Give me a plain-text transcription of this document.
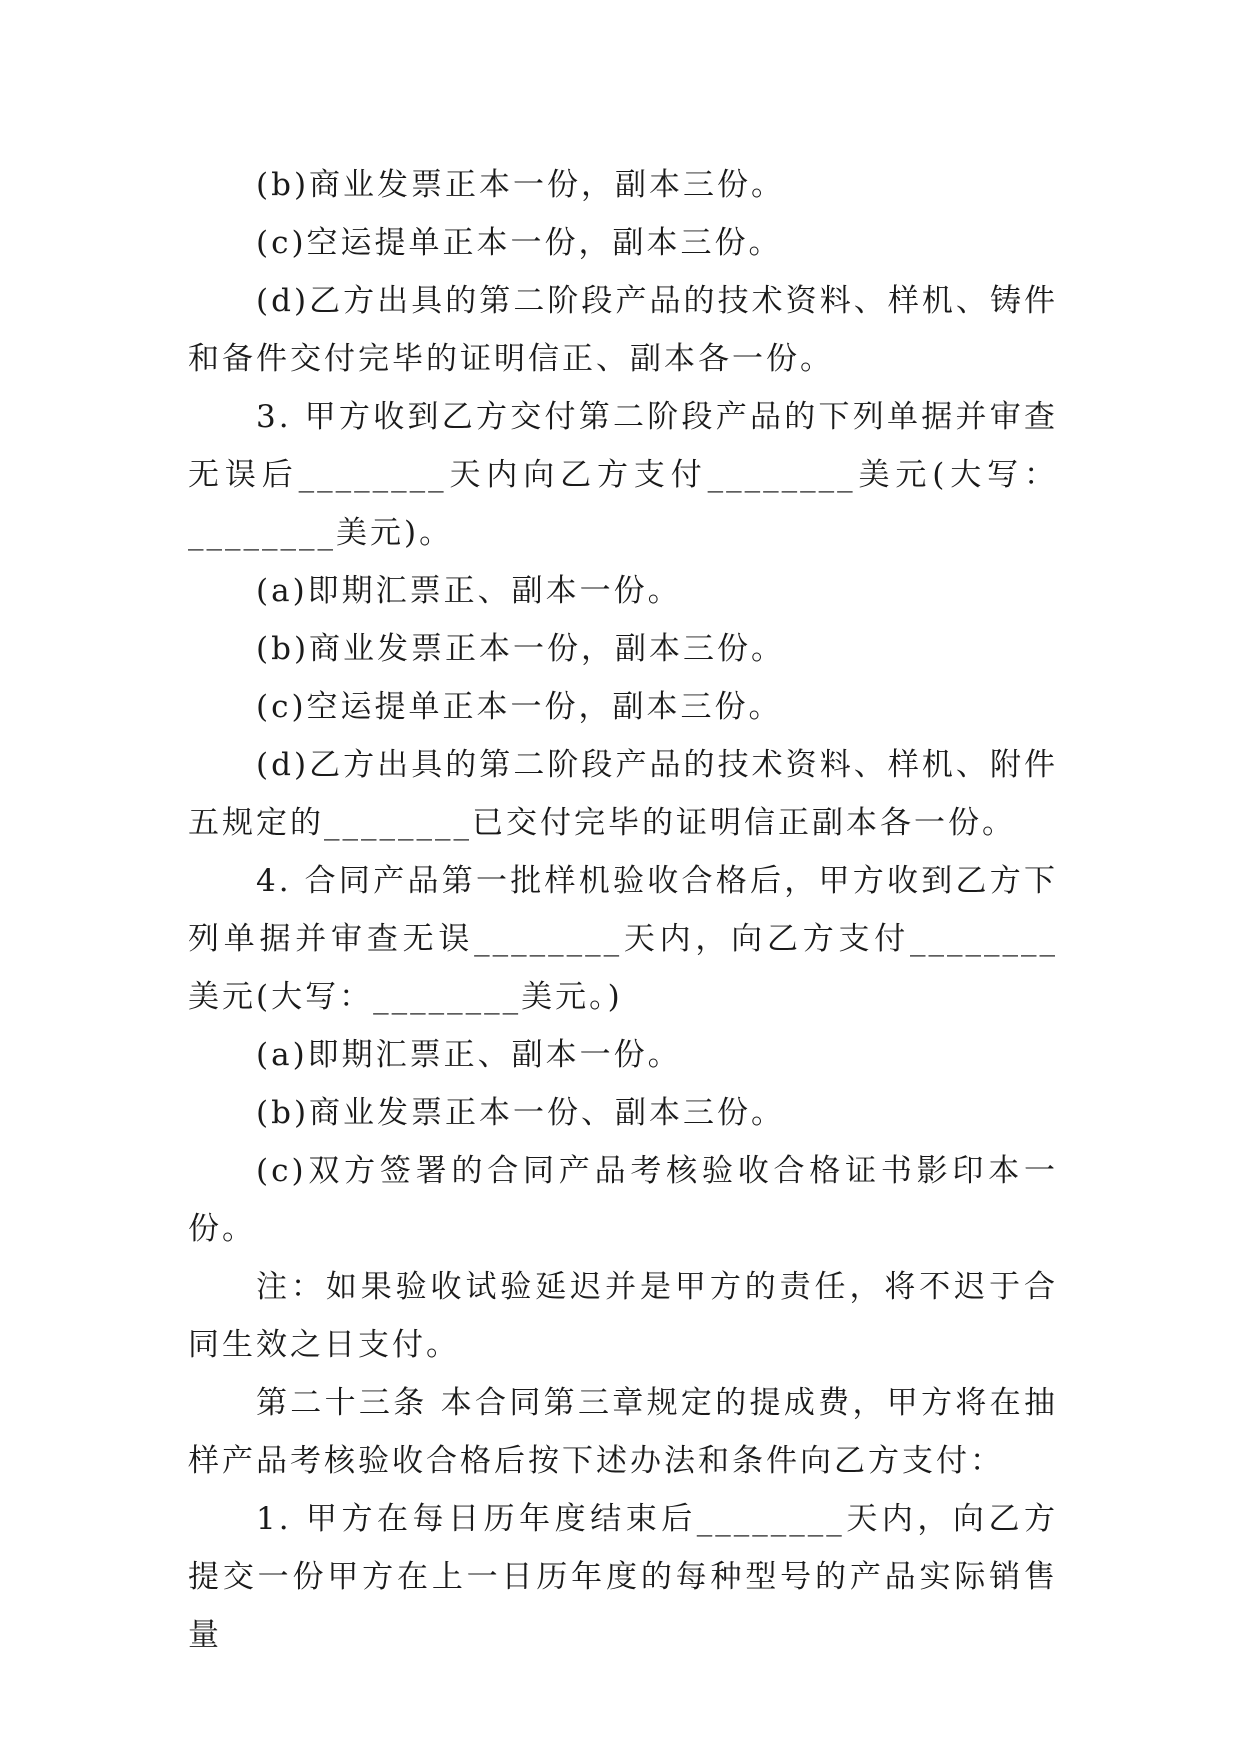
(b)商业发票正本一份，副本三份。

(c)空运提单正本一份，副本三份。

(d)乙方出具的第二阶段产品的技术资料、样机、铸件和备件交付完毕的证明信正、副本各一份。

3. 甲方收到乙方交付第二阶段产品的下列单据并审查无误后________天内向乙方支付________美元(大写：________美元)。

(a)即期汇票正、副本一份。

(b)商业发票正本一份，副本三份。

(c)空运提单正本一份，副本三份。

(d)乙方出具的第二阶段产品的技术资料、样机、附件五规定的________已交付完毕的证明信正副本各一份。

4. 合同产品第一批样机验收合格后，甲方收到乙方下列单据并审查无误________天内，向乙方支付________美元(大写：________美元。)

(a)即期汇票正、副本一份。

(b)商业发票正本一份、副本三份。

(c)双方签署的合同产品考核验收合格证书影印本一份。

注：如果验收试验延迟并是甲方的责任，将不迟于合同生效之日支付。

第二十三条 本合同第三章规定的提成费，甲方将在抽样产品考核验收合格后按下述办法和条件向乙方支付：

1. 甲方在每日历年度结束后________天内，向乙方提交一份甲方在上一日历年度的每种型号的产品实际销售量
